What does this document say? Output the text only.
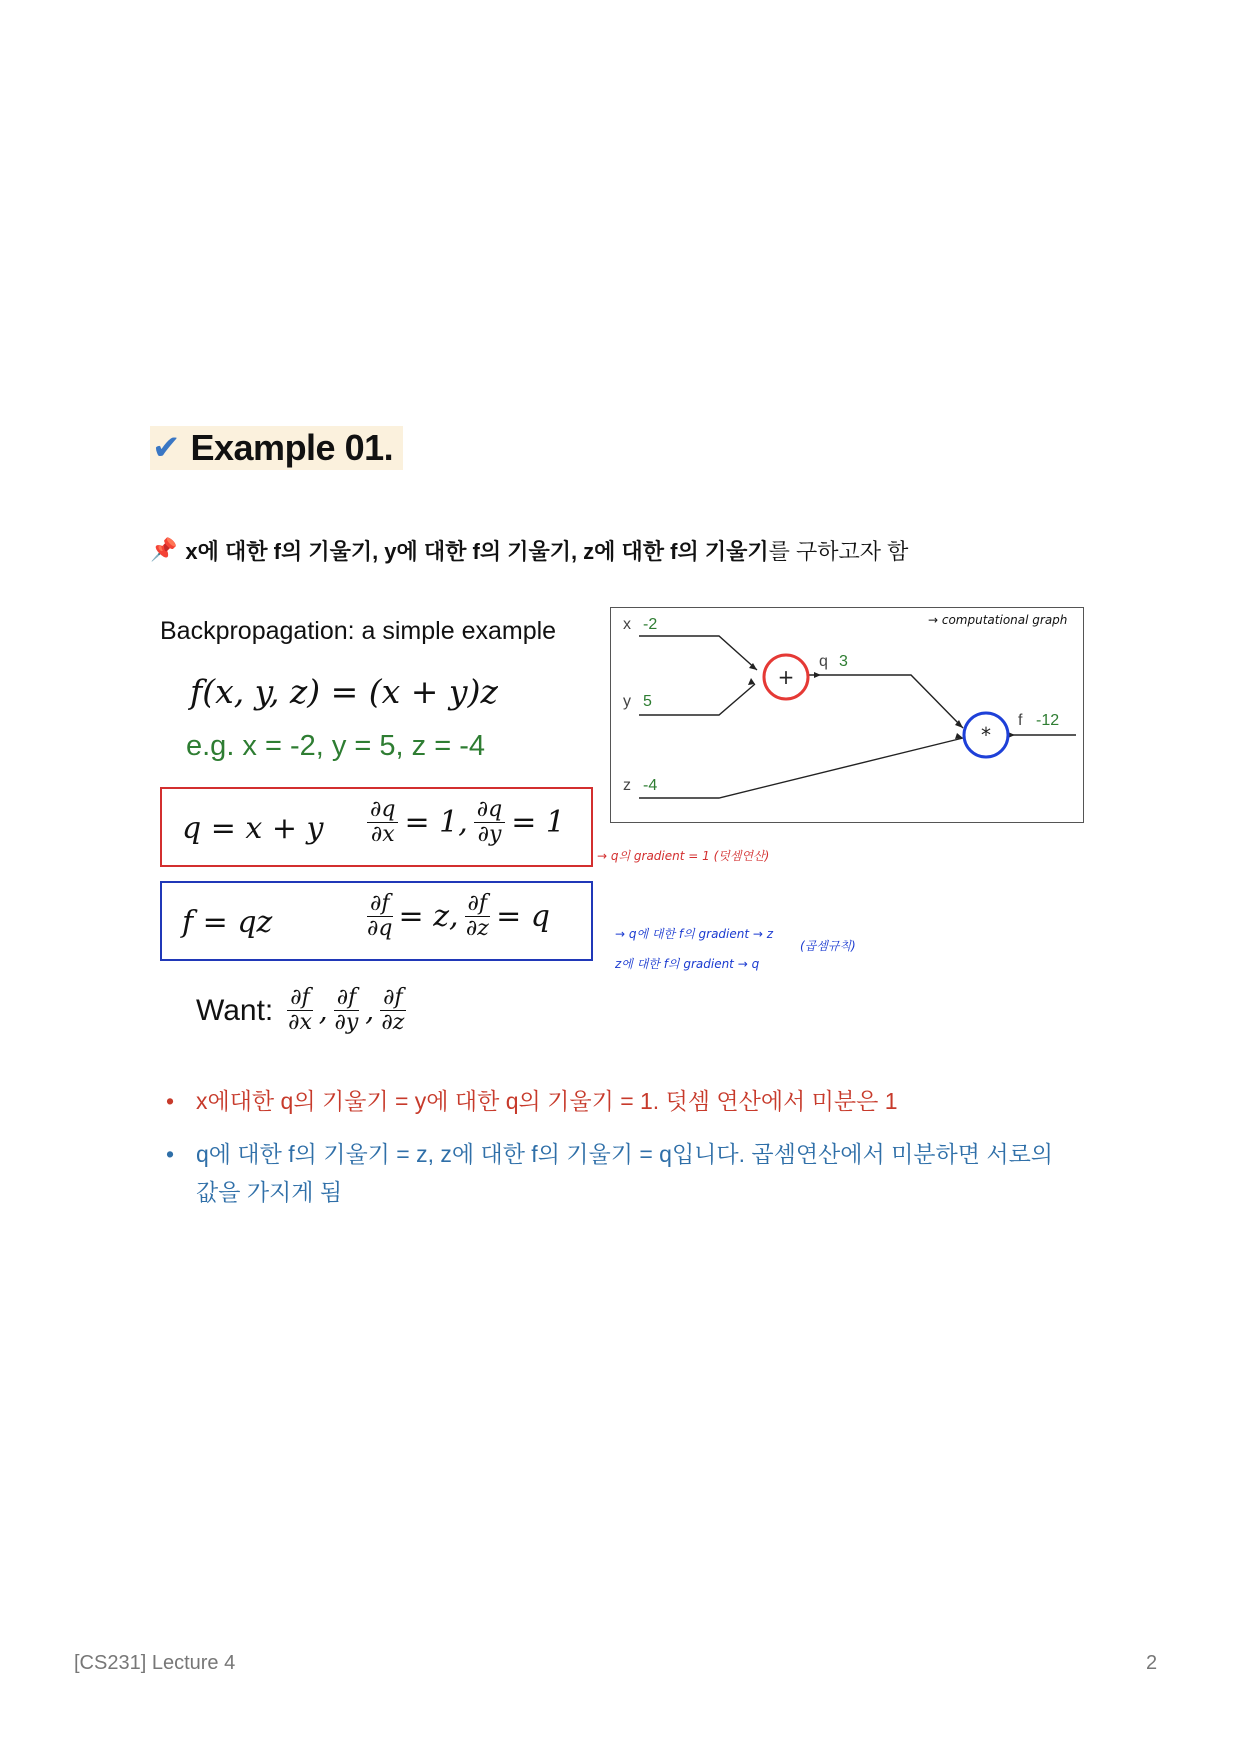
✔ Example 01.
📌 x에 대한 f의 기울기, y에 대한 f의 기울기, z에 대한 f의 기울기 를 구하고자 함
Backpropagation: a simple example
f(x, y, z) = (x + y)z
e.g. x = -2, y = 5, z = -4
q = x + y $\frac{\partial q}{\partial x} = 1$, $\frac{\partial q}{\partial y} = 1$
f = qz	$\frac{\partial f}{\partial q} = z$, $\frac{\partial f}{\partial z} = q$
Want: $\frac{\partial f}{\partial x}$ , $\frac{\partial f}{\partial y}$ , $\frac{\partial f}{\partial z}$
+
*
x -2
y 5
z -4
q 3
f -12
→ computational graph
→ q의 gradient = 1 (덧셈연산)
→ q에 대한 f의 gradient → z
z에 대한 f의 gradient → q
(곱셈규칙)
• x에대한 q의 기울기 = y에 대한 q의 기울기 = 1. 덧셈 연산에서 미분은 1
• q에 대한 f의 기울기 = z, z에 대한 f의 기울기 = q입니다. 곱셈연산에서 미분하면 서로의 값을 가지게 됨
[CS231] Lecture 4	2
